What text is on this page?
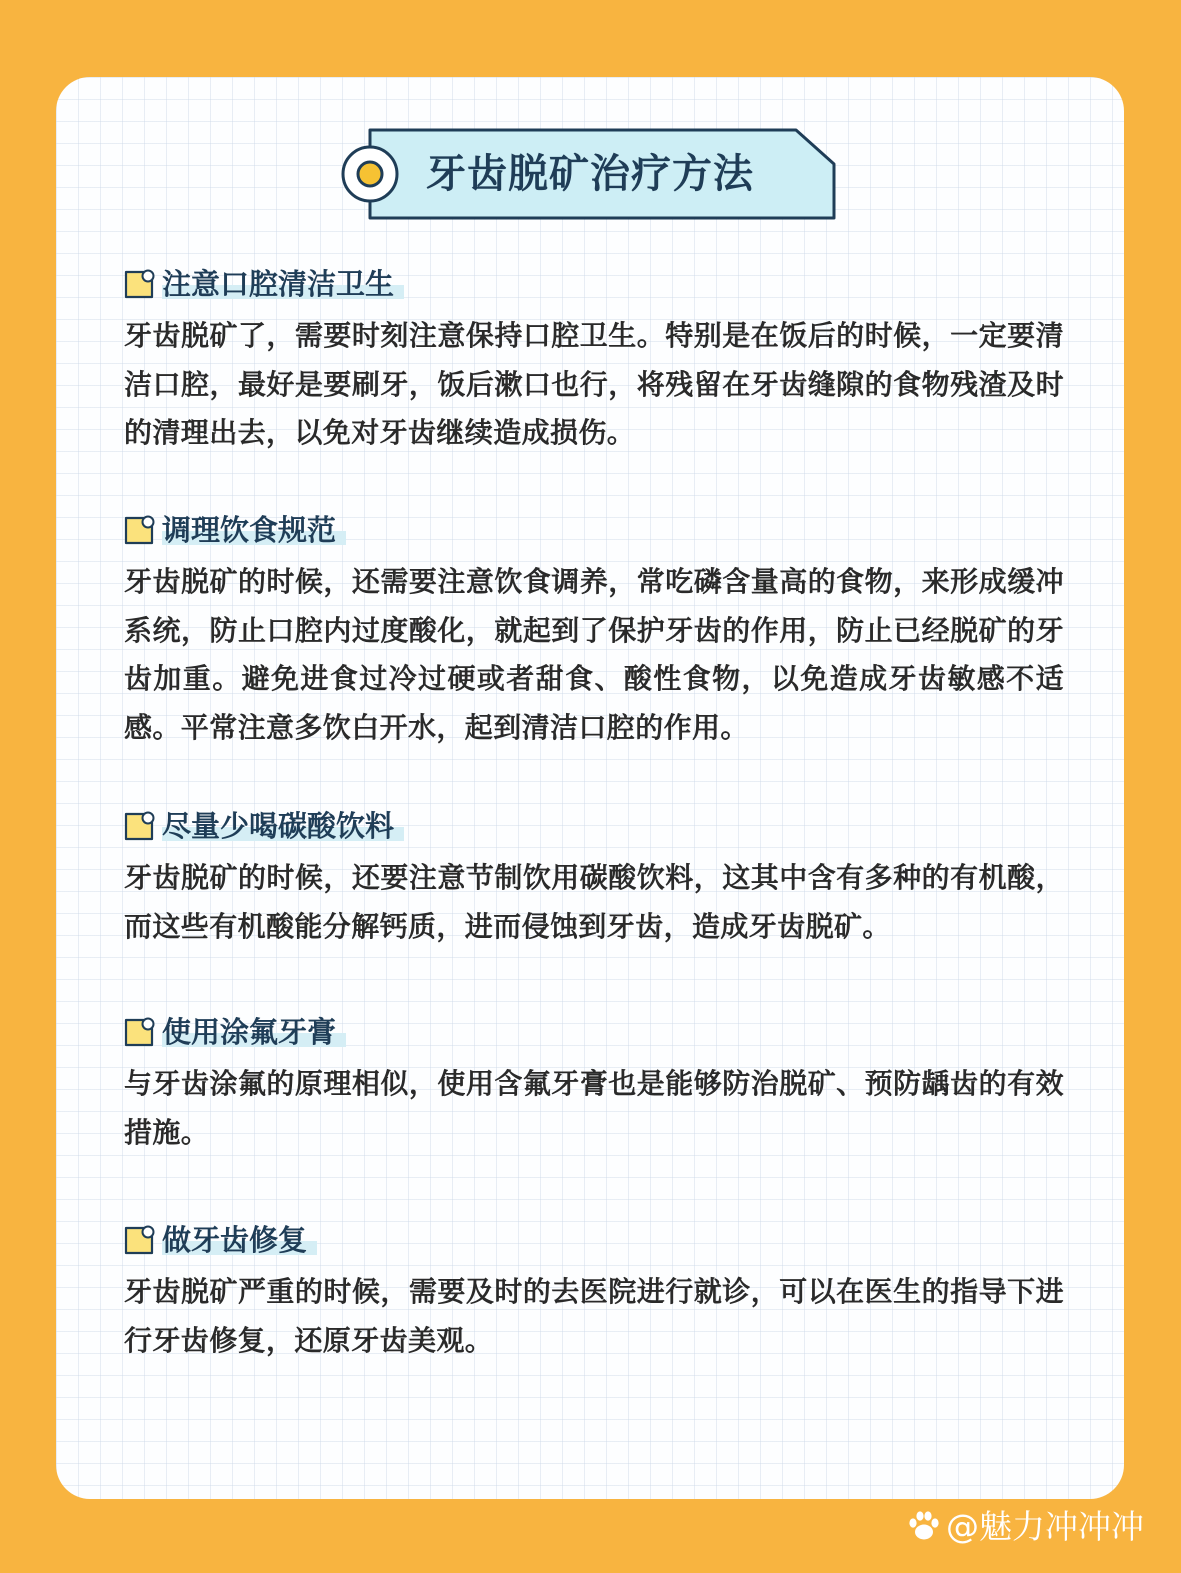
牙齿脱矿治疗方法
注意口腔清洁卫生
牙齿脱矿了，需要时刻注意保持口腔卫生。特别是在饭后的时候，一定要清洁口腔，最好是要刷牙，饭后漱口也行，将残留在牙齿缝隙的食物残渣及时的清理出去，以免对牙齿继续造成损伤。
调理饮食规范
牙齿脱矿的时候，还需要注意饮食调养，常吃磷含量高的食物，来形成缓冲系统，防止口腔内过度酸化，就起到了保护牙齿的作用，防止已经脱矿的牙齿加重。避免进食过冷过硬或者甜食、酸性食物，以免造成牙齿敏感不适感。平常注意多饮白开水，起到清洁口腔的作用。
尽量少喝碳酸饮料
牙齿脱矿的时候，还要注意节制饮用碳酸饮料，这其中含有多种的有机酸，而这些有机酸能分解钙质，进而侵蚀到牙齿，造成牙齿脱矿。
使用涂氟牙膏
与牙齿涂氟的原理相似，使用含氟牙膏也是能够防治脱矿、预防龋齿的有效措施。
做牙齿修复
牙齿脱矿严重的时候，需要及时的去医院进行就诊，可以在医生的指导下进行牙齿修复，还原牙齿美观。
@魅力冲冲冲
